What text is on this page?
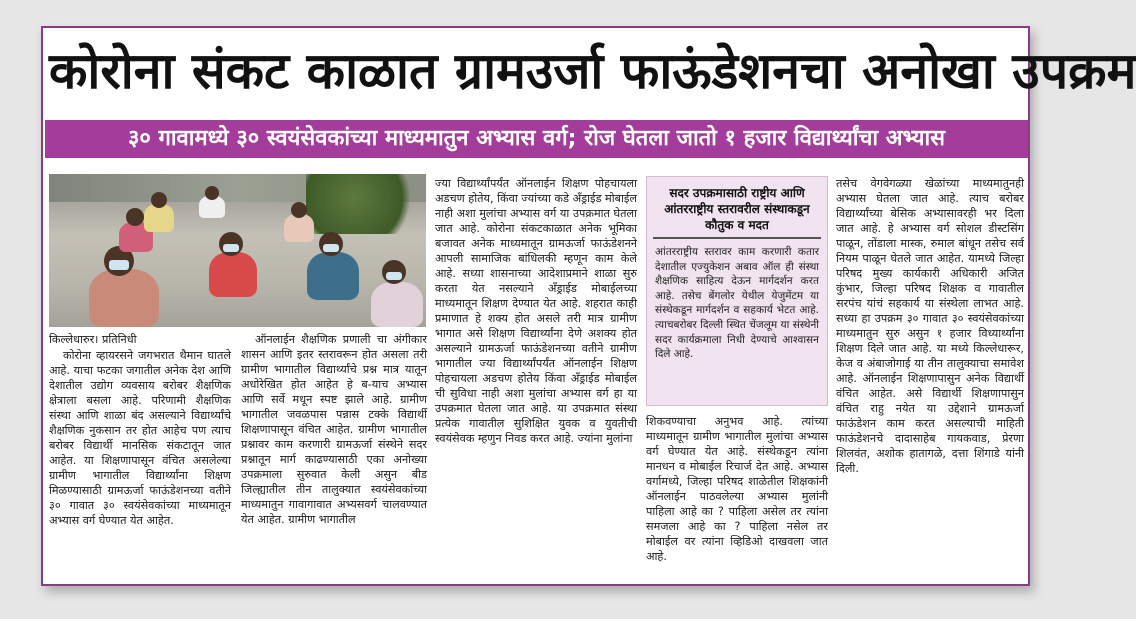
कोरोना संकट काळात ग्रामउर्जा फाऊंडेशनचा अनोखा उपक्रम
३० गावामध्ये ३० स्वयंसेवकांच्या माध्यमातुन अभ्यास वर्ग; रोज घेतला जातो १ हजार विद्यार्थ्यांचा अभ्यास
किल्लेधारुर। प्रतिनिधी

कोरोना व्हायरसने जगभरात थैमान घातले आहे. याचा फटका जगातील अनेक देश आणि देशातील उद्योग व्यवसाय बरोबर शैक्षणिक क्षेत्राला बसला आहे. परिणामी शैक्षणिक संस्था आणि शाळा बंद असल्याने विद्यार्थ्यांचे शैक्षणिक नुकसान तर होत आहेच पण त्याच बरोबर विद्यार्थी मानसिक संकटातून जात आहेत. या शिक्षणापासून वंचित असलेल्या ग्रामीण भागातील विद्यार्थ्यांना शिक्षण मिळण्यासाठी ग्रामऊर्जा फाऊंडेशनच्या वतीने ३० गावात ३० स्वयंसेवकांच्या माध्यमातून अभ्यास वर्ग घेण्यात येत आहेत.

ऑनलाईन शैक्षणिक प्रणाली चा अंगीकार शासन आणि इतर स्तरावरून होत असला तरी ग्रामीण भागातील विद्यार्थ्यांचे प्रश्न मात्र यातून अधोरेखित होत आहेत हे ब-याच अभ्यास आणि सर्वे मधून स्पष्ट झाले आहे. ग्रामीण भागातील जवळपास पन्नास टक्के विद्यार्थी शिक्षणापासून वंचित आहेत. ग्रामीण भागातील प्रश्नावर काम करणारी ग्रामऊर्जा संस्थेने सदर प्रश्नातून मार्ग काढण्यासाठी एका अनोख्या उपक्रमाला सुरुवात केली असुन बीड जिल्ह्यातील तीन तालुक्यात स्वयंसेवकांच्या माध्यमातुन गावागावात अभ्यसवर्ग चालवण्यात येत आहेत. ग्रामीण भागातील

ज्या विद्यार्थ्यांपर्यंत ऑनलाईन शिक्षण पोहचायला अडचण होतेय, किंवा ज्यांच्या कडे अँड्राईड मोबाईल नाही अशा मुलांचा अभ्यास वर्ग या उपक्रमात घेतला जात आहे. कोरोना संकटकाळात अनेक भूमिका बजावत अनेक माध्यमातून ग्रामऊर्जा फाऊंडेशनने आपली सामाजिक बांधिलकी म्हणून काम केले आहे. सध्या शासनाच्या आदेशाप्रमाने शाळा सुरु करता येत नसल्याने अँड्राईड मोबाईलच्या माध्यमातून शिक्षण देण्यात येत आहे. शहरात काही प्रमाणात हे शक्य होत असले तरी मात्र ग्रामीण भागात असे शिक्षण विद्यार्थ्यांना देणे अशक्य होत असल्याने ग्रामऊर्जा फाऊंडेशनच्या वतीने ग्रामीण भागातील ज्या विद्यार्थ्यांपर्यंत ऑनलाईन शिक्षण पोहचायला अडचण होतेय किंवा अँड्राईड मोबाईल ची सुविधा नाही अशा मुलांचा अभ्यास वर्ग हा या उपक्रमात घेतला जात आहे. या उपक्रमात संस्था प्रत्येक गावातील सुशिक्षित युवक व युवतीची स्वयंसेवक म्हणुन निवड करत आहे. ज्यांना मुलांना

सदर उपक्रमासाठी राष्ट्रीय आणि आंतरराष्ट्रीय स्तरावरील संस्थाकडून कौतुक व मदत
आंतरराष्ट्रीय स्तरावर काम करणारी कतार देशातील एज्युकेशन अबाव ऑल ही संस्था शैक्षणिक साहित्य देऊन मार्गदर्शन करत आहे. तसेच बेंगलोर येथील येजुमेंटम या संस्थेकडून मार्गदर्शन व सहकार्य भेटत आहे. त्याचबरोबर दिल्ली स्थित चेंजलूम या संस्थेनी सदर कार्यक्रमाला निधी देण्याचे आश्वासन दिले आहे.

शिकवण्याचा अनुभव आहे. त्यांच्या माध्यमातून ग्रामीण भागातील मुलांचा अभ्यास वर्ग घेण्यात येत आहे. संस्थेकडून त्यांना मानधन व मोबाईल रिचार्ज देत आहे. अभ्यास वर्गामध्ये, जिल्हा परिषद शाळेतील शिक्षकांनी ऑनलाईन पाठवलेल्या अभ्यास मुलांनी पाहिला आहे का ? पाहिला असेल तर त्यांना समजला आहे का ? पाहिला नसेल तर मोबाईल वर त्यांना व्हिडिओ दाखवला जात आहे.

तसेच वेगवेगळ्या खेळांच्या माध्यमातुनही अभ्यास घेतला जात आहे. त्याच बरोबर विद्यार्थ्यांच्या बेसिक अभ्यासावरही भर दिला जात आहे. हे अभ्यास वर्ग सोशल डीस्टसिंग पाळून, तोंडाला मास्क, रुमाल बांधून तसेच सर्व नियम पाळून घेतले जात आहेत. यामध्ये जिल्हा परिषद मुख्य कार्यकारी अधिकारी अजित कुंभार, जिल्हा परिषद शिक्षक व गावातील सरपंच यांचं सहकार्य या संस्थेला लाभत आहे. सध्या हा उपक्रम ३० गावात ३० स्वयंसेवकांच्या माध्यमातुन सुरु असुन १ हजार विध्यार्थ्यांना शिक्षण दिले जात आहे. या मध्ये किल्लेधारूर, केज व अंबाजोगाई या तीन तालुक्याचा समावेश आहे. ऑनलाईन शिक्षणापासुन अनेक विद्यार्थी वंचित आहेत. असे विद्यार्थी शिक्षणापासुन वंचित राहु नयेत या उद्देशाने ग्रामऊर्जा फाऊंडेशन काम करत असल्याची माहिती फाऊंडेशनचे दादासाहेब गायकवाड, प्रेरणा शिलवंत, अशोक हातागळे, दत्ता शिंगाडे यांनी दिली.
